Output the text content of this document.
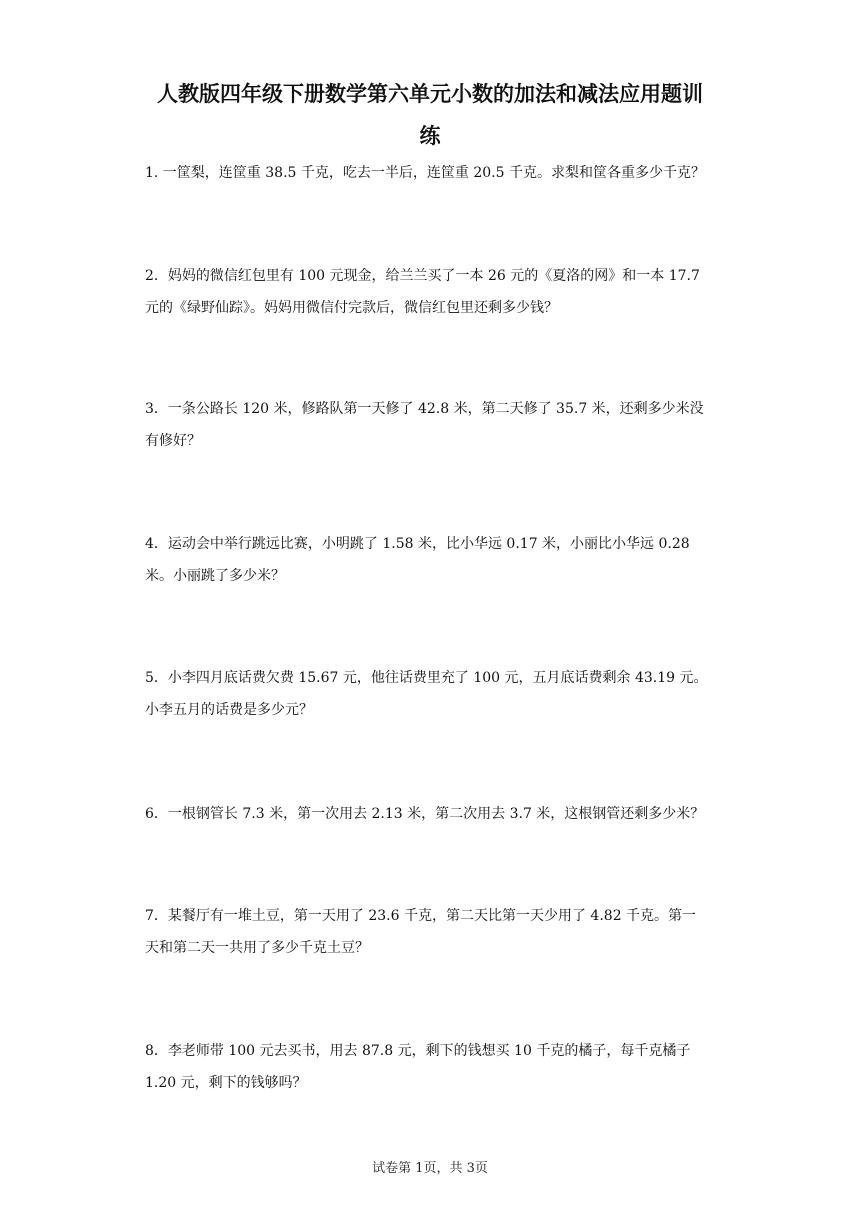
人教版四年级下册数学第六单元小数的加法和减法应用题训
练
1. 一筐梨，连筐重 38.5 千克，吃去一半后，连筐重 20.5 千克。求梨和筐各重多少千克？
2．妈妈的微信红包里有 100 元现金，给兰兰买了一本 26 元的《夏洛的网》和一本 17.7
元的《绿野仙踪》。妈妈用微信付完款后，微信红包里还剩多少钱？
3．一条公路长 120 米，修路队第一天修了 42.8 米，第二天修了 35.7 米，还剩多少米没
有修好？
4．运动会中举行跳远比赛，小明跳了 1.58 米，比小华远 0.17 米，小丽比小华远 0.28
米。小丽跳了多少米？
5．小李四月底话费欠费 15.67 元，他往话费里充了 100 元，五月底话费剩余 43.19 元。
小李五月的话费是多少元？
6．一根钢管长 7.3 米，第一次用去 2.13 米，第二次用去 3.7 米，这根钢管还剩多少米？
7．某餐厅有一堆土豆，第一天用了 23.6 千克，第二天比第一天少用了 4.82 千克。第一
天和第二天一共用了多少千克土豆？
8．李老师带 100 元去买书，用去 87.8 元，剩下的钱想买 10 千克的橘子，每千克橘子
1.20 元，剩下的钱够吗？
试卷第 1页，共 3页
